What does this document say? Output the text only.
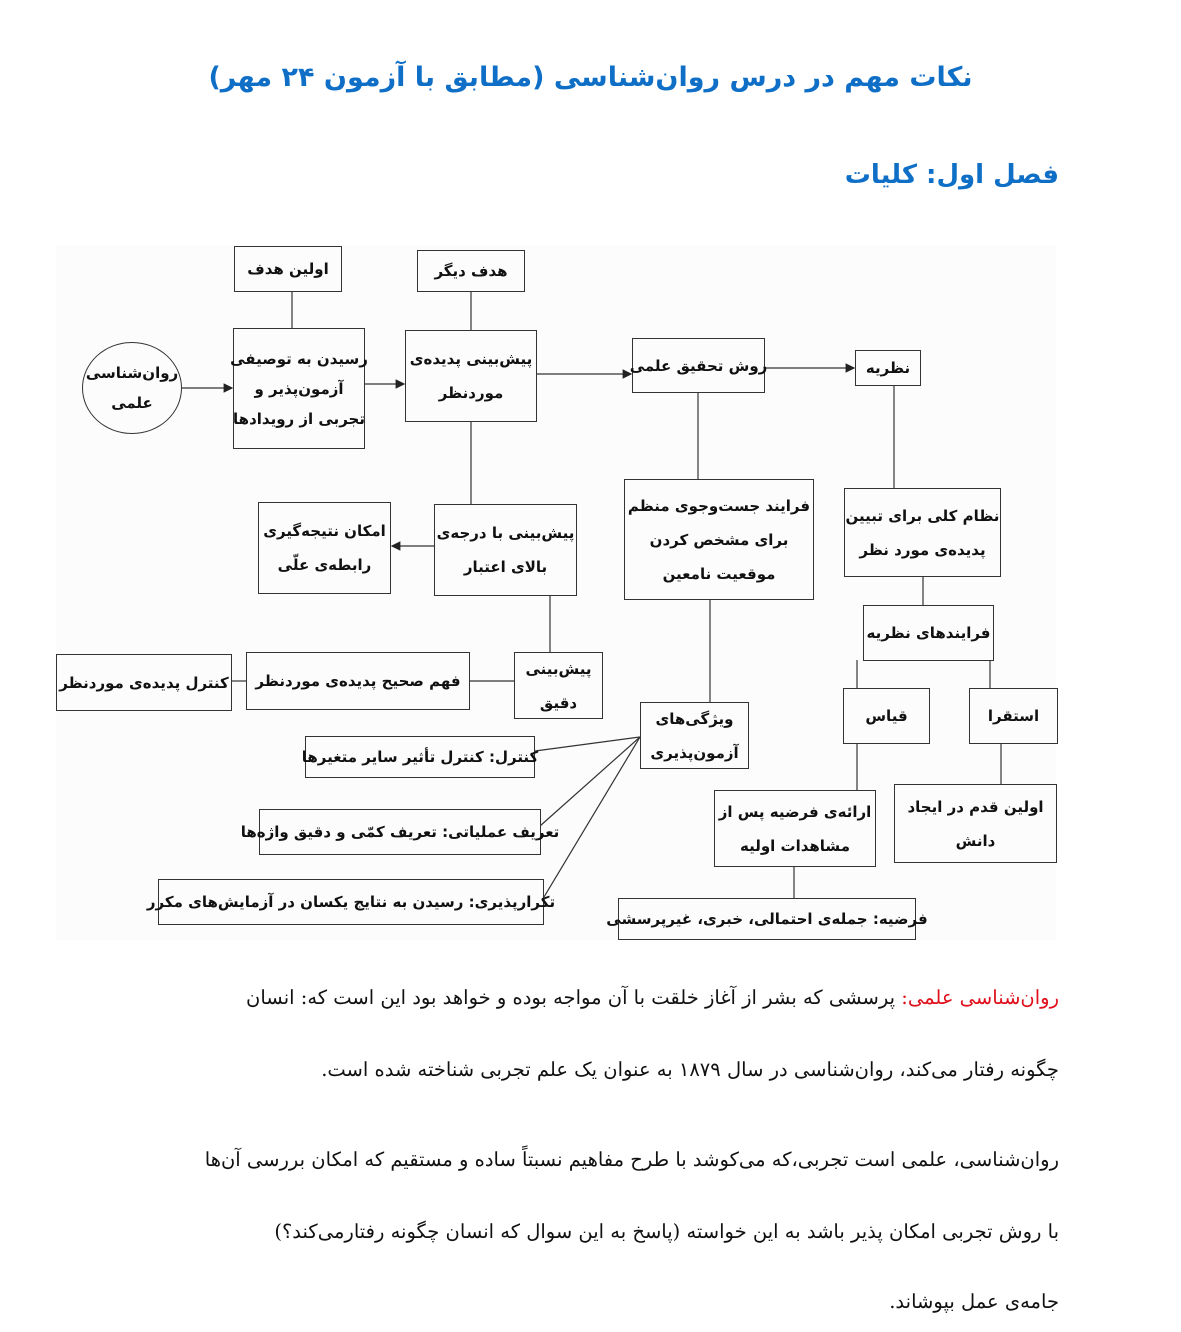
نکات مهم در درس روان‌شناسی (مطابق با آزمون ۲۴ مهر)
فصل اول: کلیات
روان‌شناسی
علمی
اولین هدف
رسیدن به توصیفی
آزمون‌پذیر و
تجربی از رویدادها
هدف دیگر
پیش‌بینی پدیده‌ی
موردنظر
روش تحقیق علمی	نظریه
امکان نتیجه‌گیری
رابطه‌ی علّی
پیش‌بینی با درجه‌ی
بالای اعتبار
فرایند جست‌وجوی منظم
برای مشخص کردن
موقعیت نامعین
نظام کلی برای تبیین
پدیده‌ی مورد نظر
فرایندهای نظریه
کنترل پدیده‌ی موردنظر فهم صحیح پدیده‌ی موردنظر
پیش‌بینی
دقیق
قیاس	استقرا
ویژگی‌های
آزمون‌پذیری
کنترل: کنترل تأثیر سایر متغیرها
ارائه‌ی فرضیه پس از
مشاهدات اولیه
اولین قدم در ایجاد
دانش
تعریف عملیاتی: تعریف کمّی و دقیق واژه‌ها
تکرارپذیری: رسیدن به نتایج یکسان در آزمایش‌های مکرر
فرضیه: جمله‌ی احتمالی، خبری، غیرپرسشی
روان‌شناسی علمی: پرسشی که بشر از آغاز خلقت با آن مواجه بوده و خواهد بود این است که: انسان
چگونه رفتار می‌کند، روان‌شناسی در سال ۱۸۷۹ به عنوان یک علم تجربی شناخته شده است.
روان‌شناسی، علمی است تجربی،که می‌کوشد با طرح مفاهیم نسبتاً ساده و مستقیم که امکان بررسی آن‌ها
با روش تجربی امکان پذیر باشد به این خواسته (پاسخ به این سوال که انسان چگونه رفتارمی‌کند؟)
جامه‌ی عمل بپوشاند.
